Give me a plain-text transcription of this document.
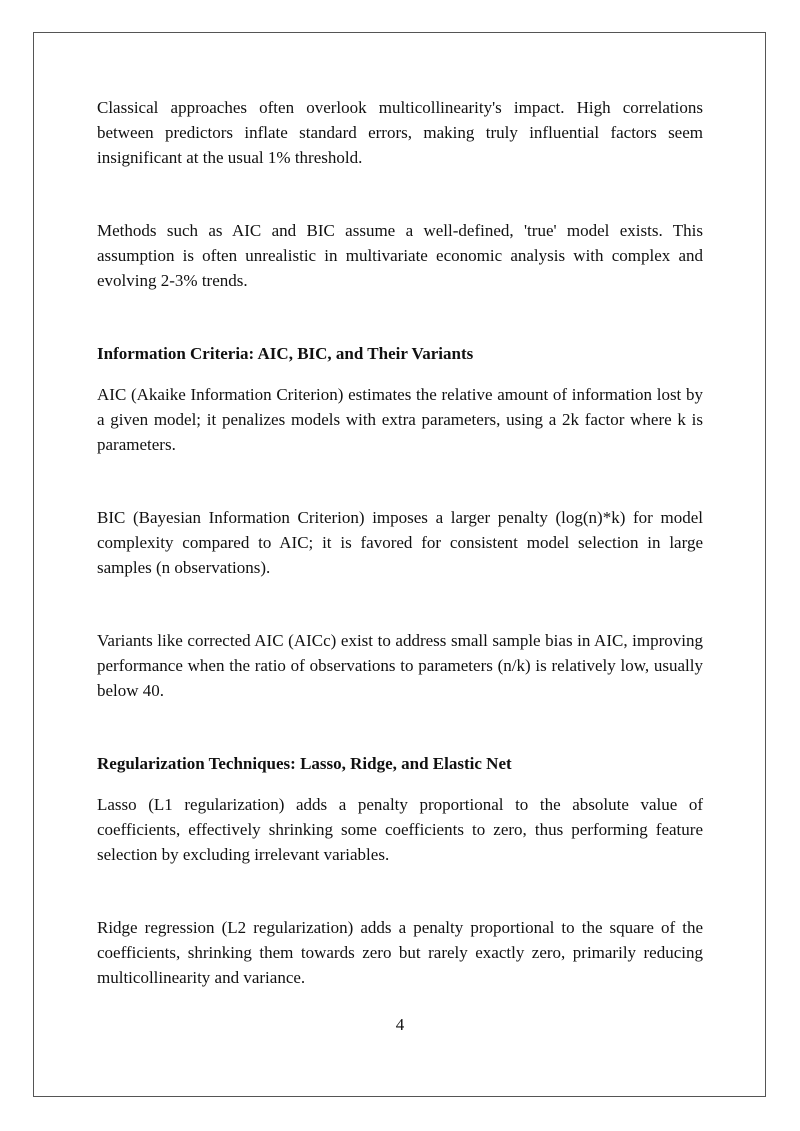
Classical approaches often overlook multicollinearity's impact. High correlations between predictors inflate standard errors, making truly influential factors seem insignificant at the usual 1% threshold.

Methods such as AIC and BIC assume a well-defined, 'true' model exists. This assumption is often unrealistic in multivariate economic analysis with complex and evolving 2-3% trends.

Information Criteria: AIC, BIC, and Their Variants

AIC (Akaike Information Criterion) estimates the relative amount of information lost by a given model; it penalizes models with extra parameters, using a 2k factor where k is parameters.

BIC (Bayesian Information Criterion) imposes a larger penalty (log(n)*k) for model complexity compared to AIC; it is favored for consistent model selection in large samples (n observations).

Variants like corrected AIC (AICc) exist to address small sample bias in AIC, improving performance when the ratio of observations to parameters (n/k) is relatively low, usually below 40.

Regularization Techniques: Lasso, Ridge, and Elastic Net

Lasso (L1 regularization) adds a penalty proportional to the absolute value of coefficients, effectively shrinking some coefficients to zero, thus performing feature selection by excluding irrelevant variables.

Ridge regression (L2 regularization) adds a penalty proportional to the square of the coefficients, shrinking them towards zero but rarely exactly zero, primarily reducing multicollinearity and variance.

4
